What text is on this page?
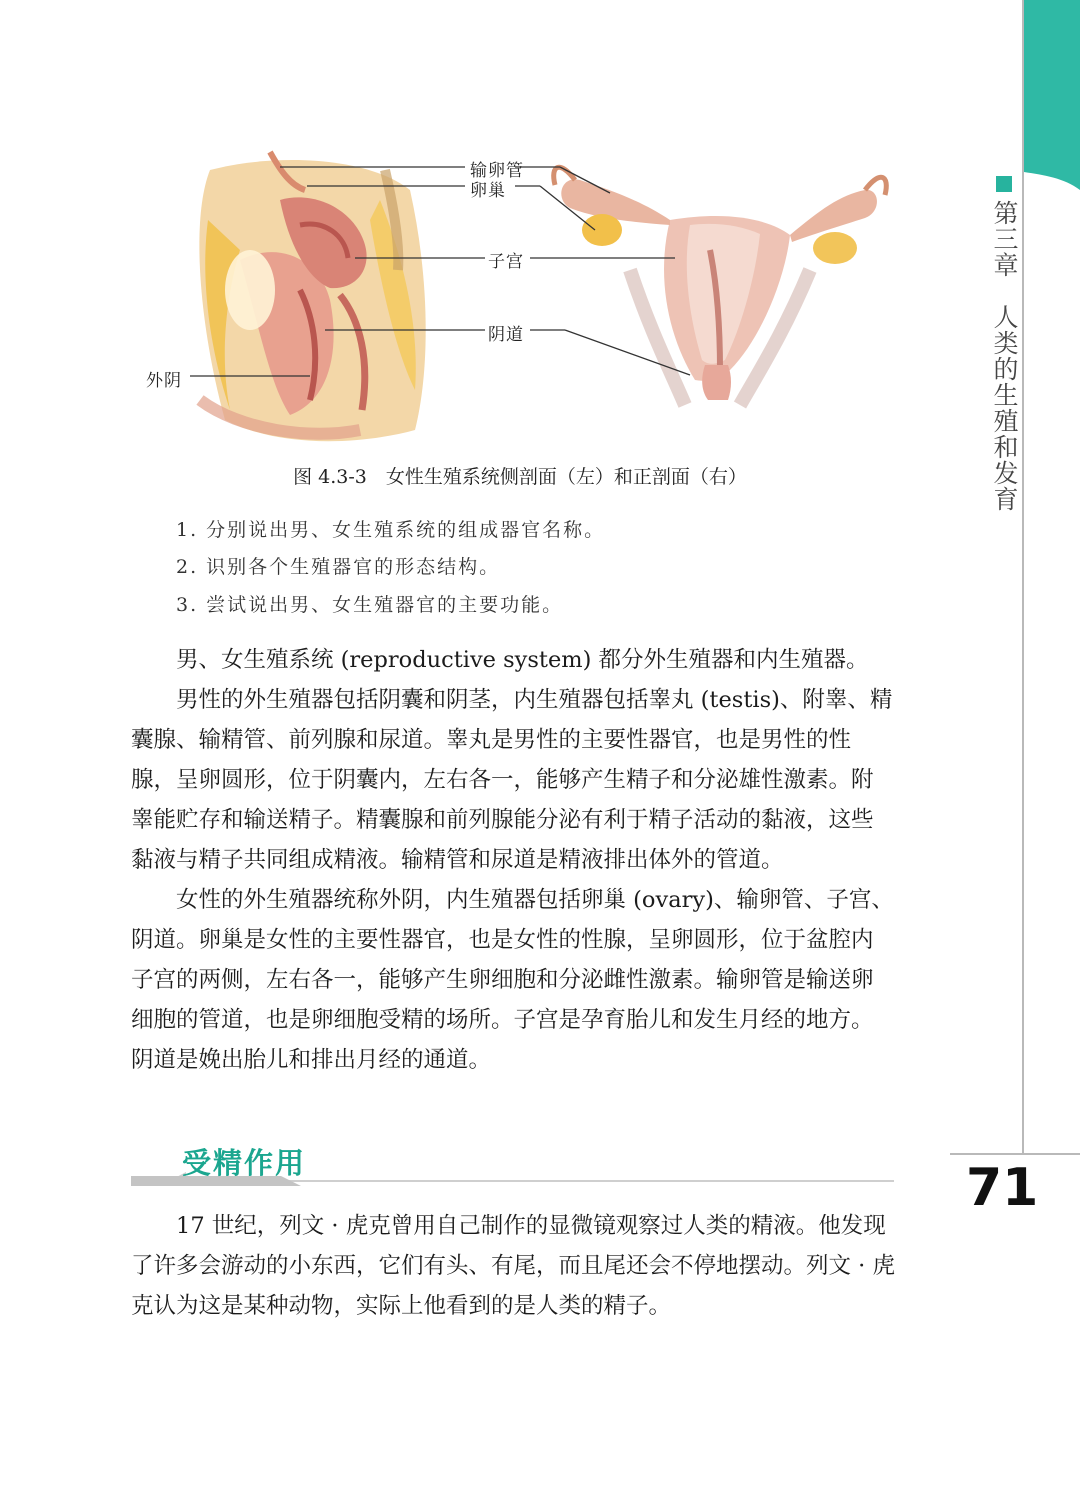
第三章　人类的生殖和发育
71
输卵管
卵巢
子宫
阴道
外阴
图 4.3-3　女性生殖系统侧剖面（左）和正剖面（右）
1. 分别说出男、女生殖系统的组成器官名称。
2. 识别各个生殖器官的形态结构。
3. 尝试说出男、女生殖器官的主要功能。

男、女生殖系统 (reproductive system) 都分外生殖器和内生殖器。

男性的外生殖器包括阴囊和阴茎，内生殖器包括睾丸 (testis)、附睾、精囊腺、输精管、前列腺和尿道。睾丸是男性的主要性器官，也是男性的性腺，呈卵圆形，位于阴囊内，左右各一，能够产生精子和分泌雄性激素。附睾能贮存和输送精子。精囊腺和前列腺能分泌有利于精子活动的黏液，这些黏液与精子共同组成精液。输精管和尿道是精液排出体外的管道。

女性的外生殖器统称外阴，内生殖器包括卵巢 (ovary)、输卵管、子宫、阴道。卵巢是女性的主要性器官，也是女性的性腺，呈卵圆形，位于盆腔内子宫的两侧，左右各一，能够产生卵细胞和分泌雌性激素。输卵管是输送卵细胞的管道，也是卵细胞受精的场所。子宫是孕育胎儿和发生月经的地方。阴道是娩出胎儿和排出月经的通道。

受精作用

17 世纪，列文 · 虎克曾用自己制作的显微镜观察过人类的精液。他发现了许多会游动的小东西，它们有头、有尾，而且尾还会不停地摆动。列文 · 虎克认为这是某种动物，实际上他看到的是人类的精子。
